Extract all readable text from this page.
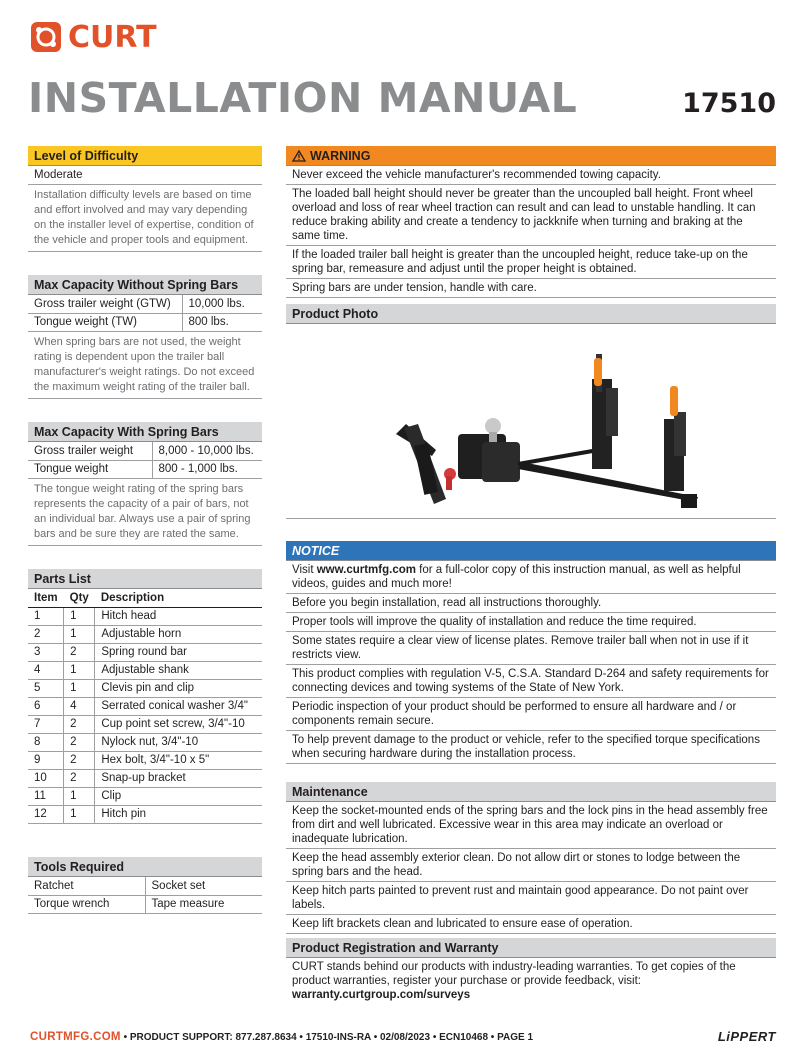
CURT
INSTALLATION MANUAL	17510
Level of Difficulty
Moderate
Installation difficulty levels are based on time and effort involved and may vary depending on the installer level of expertise, condition of the vehicle and proper tools and equipment.
Max Capacity Without Spring Bars
Gross trailer weight (GTW)	10,000 lbs.
Tongue weight (TW)	800 lbs.
When spring bars are not used, the weight rating is dependent upon the trailer ball manufacturer's weight ratings. Do not exceed the maximum weight rating of the trailer ball.
Max Capacity With Spring Bars
Gross trailer weight	8,000 - 10,000 lbs.
Tongue weight	800 - 1,000 lbs.
The tongue weight rating of the spring bars represents the capacity of a pair of bars, not an individual bar. Always use a pair of spring bars and be sure they are rated the same.
Parts List
Item	Qty	Description
1	1	Hitch head
2	1	Adjustable horn
3	2	Spring round bar
4	1	Adjustable shank
5	1	Clevis pin and clip
6	4	Serrated conical washer 3/4"
7	2	Cup point set screw, 3/4"-10
8	2	Nylock nut, 3/4"-10
9	2	Hex bolt, 3/4"-10 x 5"
10	2	Snap-up bracket
11	1	Clip
12	1	Hitch pin
Tools Required
Ratchet	Socket set
Torque wrench	Tape measure
WARNING
Never exceed the vehicle manufacturer's recommended towing capacity.
The loaded ball height should never be greater than the uncoupled ball height. Front wheel overload and loss of rear wheel traction can result and can lead to unstable handling. It can reduce braking ability and create a tendency to jackknife when turning and braking at the same time.
If the loaded trailer ball height is greater than the uncoupled height, reduce take-up on the spring bar, remeasure and adjust until the proper height is obtained.
Spring bars are under tension, handle with care.
Product Photo
NOTICE
Visit www.curtmfg.com for a full-color copy of this instruction manual, as well as helpful videos, guides and much more!
Before you begin installation, read all instructions thoroughly.
Proper tools will improve the quality of installation and reduce the time required.
Some states require a clear view of license plates. Remove trailer ball when not in use if it restricts view.
This product complies with regulation V-5, C.S.A. Standard D-264 and safety requirements for connecting devices and towing systems of the State of New York.
Periodic inspection of your product should be performed to ensure all hardware and / or components remain secure.
To help prevent damage to the product or vehicle, refer to the specified torque specifications when securing hardware during the installation process.
Maintenance
Keep the socket-mounted ends of the spring bars and the lock pins in the head assembly free from dirt and well lubricated. Excessive wear in this area may indicate an overload or inadequate lubrication.
Keep the head assembly exterior clean. Do not allow dirt or stones to lodge between the spring bars and the head.
Keep hitch parts painted to prevent rust and maintain good appearance. Do not paint over labels.
Keep lift brackets clean and lubricated to ensure ease of operation.
Product Registration and Warranty
CURT stands behind our products with industry-leading warranties. To get copies of the product warranties, register your purchase or provide feedback, visit: warranty.curtgroup.com/surveys
CURTMFG.COM • PRODUCT SUPPORT: 877.287.8634 • 17510-INS-RA • 02/08/2023 • ECN10468 • PAGE 1	LiPPERT
